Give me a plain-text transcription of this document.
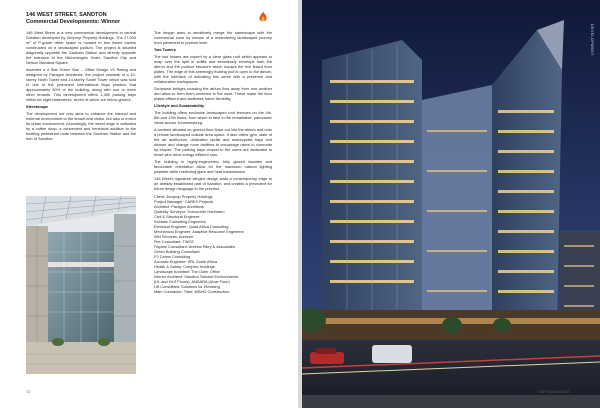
146 WEST STREET, SANDTON
Commercial Developments: Winner

146 West Street is a new commercial development in central Sandton developed by Zenprop Property Holdings. The 27,000 m² of P-grade office space is housed in two linked towers constructed on a landscaped podium. The project is situated diagonally opposite the Gautrain Station and directly opposite the entrance to the Michelangelo Hotel, Sandton City and Nelson Mandela Square.

Awarded a 4 Star Green Star – Office Design V1 Rating and designed by Paragon Architects, the project consists of a 10-storey North Tower and 14-storey South Tower which was sold to one of the prominent international legal practice that approximately 60% of the building, along with one or more other tenants. This development offers 1,400 parking bays within six eight basements, seven of which are below ground.

Streetscape

The development not only aims to enhance the internal and external environment to the tenant and visitor, but also to enrich its urban environment. Accordingly, the street edge is activated by a coffee shop, a convenient and beneficial addition to the bustling pedestrian route between the Gautrain Station and the hub of Sandton.

The design aims to sensitively merge the streetscape with the commercial zone by means of a meandering landscaped journey from pavement to podium level.

Two Towers

The two towers are copied by a clear glass roof which appears to wrap over the split of soffits and seamlessly envelope both the atrium and the podium structure which houses the five linked floor plates. The edge of this seemingly floating pod is open to the atrium, with the interface of activating this serve with a presence and collaborative workspaces.

Sculptural bridges crossing the atrium flow away from one another and allow to form them centered to the west. These make the floor plates efficient and facilitates future flexibility.

Lifestyle and Sustainability

The building offers exclusive landscaped roof terraces on the 4th, 8th and 12th floors, from which to take in the remarkable, panoramic views across Johannesburg.

A canteen situated on ground floor flows out into the atrium and onto a private landscaped outside area space. It also offers gym, state of the art auditorium, dedicated cyclist and motorcyclist bays and shower and change room facilities to encourage users to commute by bicycle. The parking bays closest to the cores are dedicated to those who drive energy efficient cars.

The building is highly-engineered, fully glazed facades and favourable orientation allow for the maximum natural lighting possible while restricting glare and heat transmission.

146 West's signature winged design adds a contemporary edge to an already established part of Sandton, and creates a precedent for future design language in the precinct.

Client: Zenprop Property Holdings

Project Manager: CAREX Projects

Architect: Paragon Architects

Quantity Surveyor: Schoonvlie Hartmann

Civil & Structural Engineer:

Sotiralis Consulting Engineers

Electrical Engineer: Quad Africa Consulting

Mechanical Engineer: Adaptive Resource Engineers

Wet Services: Aurecon

Fire Consultant: TWCE

Façade Consultant: Andrew Riley & Associates

Green Building Consultant:

PJ Carew Consulting

Acoustic Engineer: SRL South Africa

Health & Safety: Complex Holdings

Landscape Architect: The Outer Office

Interior Architect: Sandton Tailored Environments

(HL and HLS Floors), ANSARA (Alvar Floor)

Lift Consultant: Solutions for Elevating

Main Contractor: Tibet, WBHO Construction

72
DEVELOPMENT
SAPOA AWARDS
